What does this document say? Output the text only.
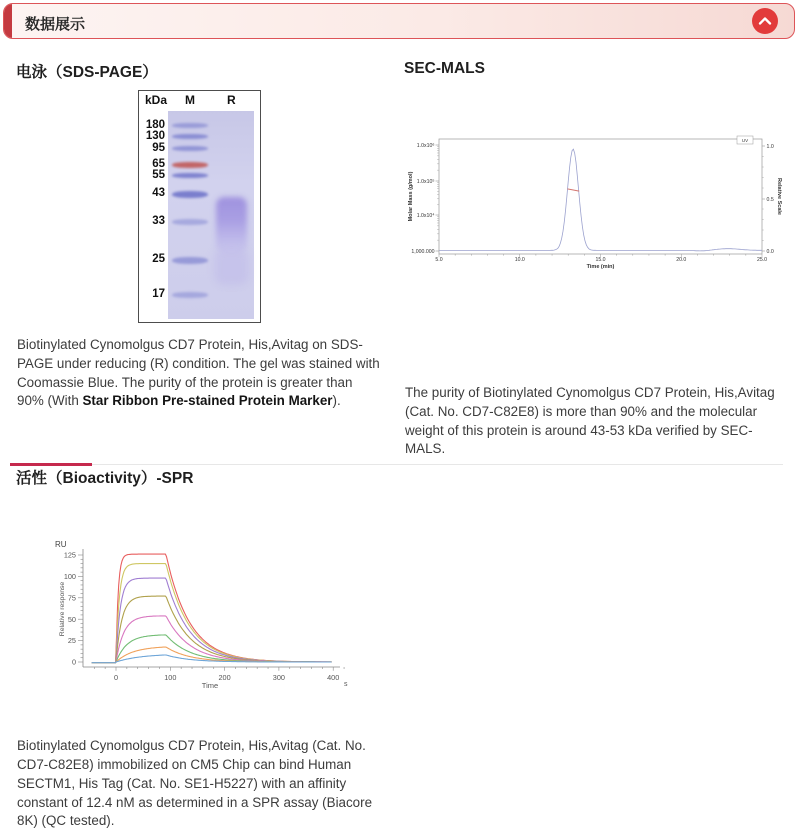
数据展示
电泳（SDS-PAGE）
kDa M	R
180
130
95
65
55
43
33
25
17

Biotinylated Cynomolgus CD7 Protein, His,Avitag on SDS-PAGE under reducing (R) condition. The gel was stained with Coomassie Blue. The purity of the protein is greater than 90% (With Star Ribbon Pre-stained Protein Marker).

SEC-MALS
1.0x10⁶
1.0x10⁵
1.0x10⁴
1,000.000
5.0	10.0	15.0	20.0	25.0
Time (min)
1.0
0.5
0.0
Molar Mass (g/mol)	Relative Scale
UV

The purity of Biotinylated Cynomolgus CD7 Protein, His,Avitag (Cat. No. CD7-C82E8) is more than 90% and the molecular weight of this protein is around 43-53 kDa verified by SEC-MALS.

活性（Bioactivity）-SPR
0
25
50
75
100
125
0	100	200	300	400
RU
Relative response
Time	s

Biotinylated Cynomolgus CD7 Protein, His,Avitag (Cat. No. CD7-C82E8) immobilized on CM5 Chip can bind Human SECTM1, His Tag (Cat. No. SE1-H5227) with an affinity constant of 12.4 nM as determined in a SPR assay (Biacore 8K) (QC tested).
